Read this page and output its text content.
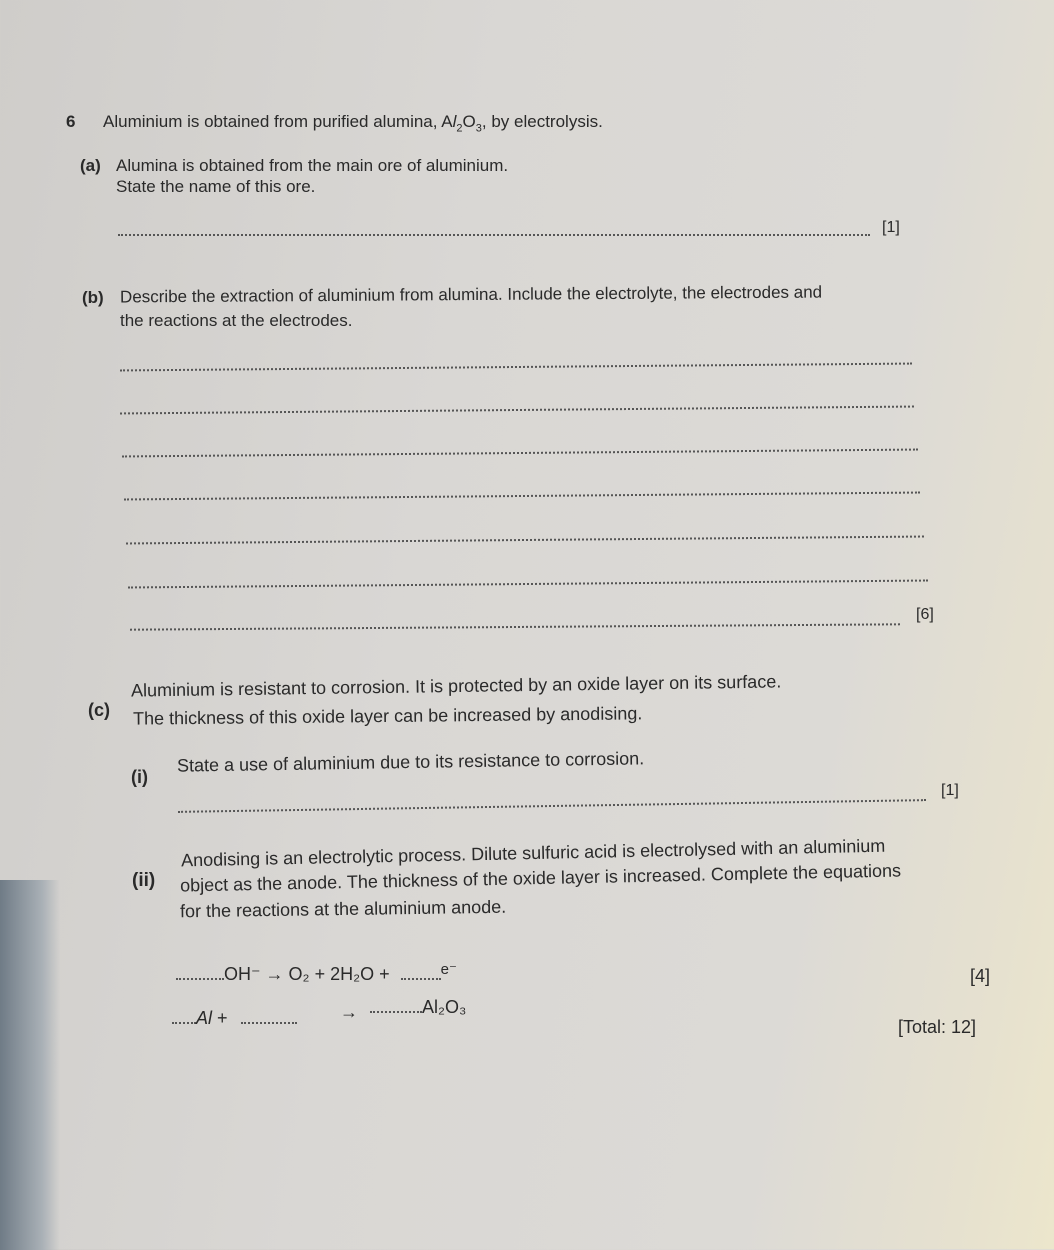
6 Aluminium is obtained from purified alumina, $Al_2O_3$, by electrolysis.
(a) Alumina is obtained from the main ore of aluminium.
State the name of this ore.
[1]
(b) Describe the extraction of aluminium from alumina. Include the electrolyte, the electrodes and
the reactions at the electrodes.
[6]
(c)
Aluminium is resistant to corrosion. It is protected by an oxide layer on its surface.
The thickness of this oxide layer can be increased by anodising.
(i)
State a use of aluminium due to its resistance to corrosion.
[1]
(ii)
Anodising is an electrolytic process. Dilute sulfuric acid is electrolysed with an aluminium
object as the anode. The thickness of the oxide layer is increased. Complete the equations
for the reactions at the aluminium anode.
OH⁻ → O₂ + 2H₂O +	$^{e^-}$	[4]
Al +	→	Al₂O₃
[Total: 12]
